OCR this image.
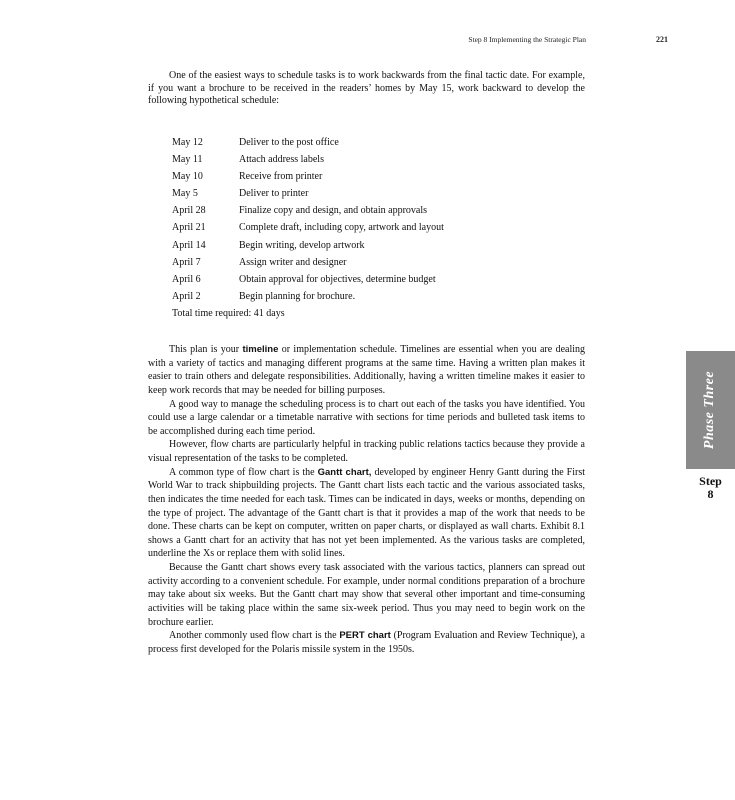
Step 8 Implementing the Strategic Plan	221

One of the easiest ways to schedule tasks is to work backwards from the final tactic date. For example, if you want a brochure to be received in the readers’ homes by May 15, work backward to develop the following hypothetical schedule:

May 12	Deliver to the post office
May 11	Attach address labels
May 10	Receive from printer
May 5	Deliver to printer
April 28	Finalize copy and design, and obtain approvals
April 21	Complete draft, including copy, artwork and layout
April 14	Begin writing, develop artwork
April 7	Assign writer and designer
April 6	Obtain approval for objectives, determine budget
April 2	Begin planning for brochure.
Total time required: 41 days

This plan is your timeline or implementation schedule. Timelines are essential when you are dealing with a variety of tactics and managing different programs at the same time. Having a written plan makes it easier to train others and delegate responsibilities. Additionally, having a written timeline makes it easier to keep work records that may be needed for billing purposes.

A good way to manage the scheduling process is to chart out each of the tasks you have identified. You could use a large calendar or a timetable narrative with sections for time periods and bulleted task items to be accomplished during each time period.

However, flow charts are particularly helpful in tracking public relations tactics because they provide a visual representation of the tasks to be completed.

A common type of flow chart is the Gantt chart, developed by engineer Henry Gantt during the First World War to track shipbuilding projects. The Gantt chart lists each tactic and the various associated tasks, then indicates the time needed for each task. Times can be indicated in days, weeks or months, depending on the type of project. The advantage of the Gantt chart is that it provides a map of the work that needs to be done. These charts can be kept on computer, written on paper charts, or displayed as wall charts. Exhibit 8.1 shows a Gantt chart for an activity that has not yet been implemented. As the various tasks are completed, underline the Xs or replace them with solid lines.

Because the Gantt chart shows every task associated with the various tactics, planners can spread out activity according to a convenient schedule. For example, under normal conditions preparation of a brochure may take about six weeks. But the Gantt chart may show that several other important and time-consuming activities will be taking place within the same six-week period. Thus you may need to begin work on the brochure earlier.

Another commonly used flow chart is the PERT chart (Program Evaluation and Review Technique), a process first developed for the Polaris missile system in the 1950s.

Phase Three
Step
8
